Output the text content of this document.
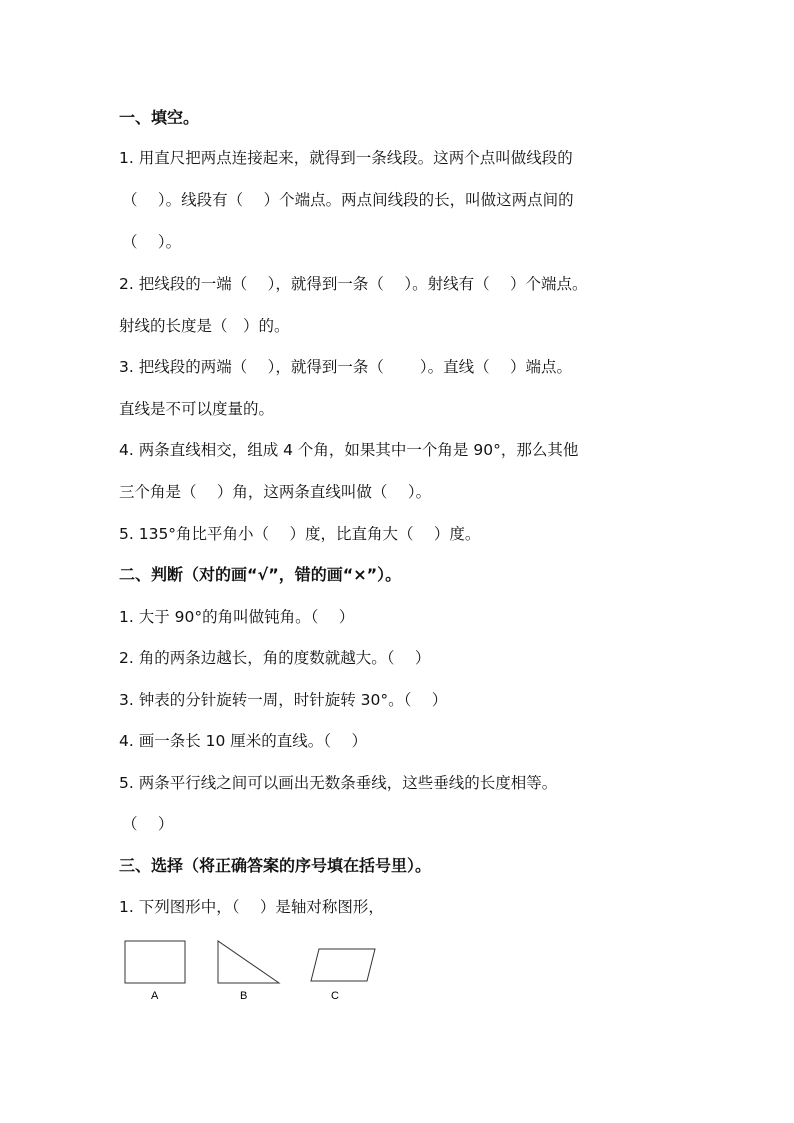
一、填空。
1. 用直尺把两点连接起来，就得到一条线段。这两个点叫做线段的
（　 ）。线段有（　 ）个端点。两点间线段的长，叫做这两点间的
（　 ）。
2. 把线段的一端（　 ），就得到一条（　 ）。射线有（　 ）个端点。
射线的长度是（　）的。
3. 把线段的两端（　 ），就得到一条（　　 ）。直线（　 ）端点。
直线是不可以度量的。
4. 两条直线相交，组成 4 个角，如果其中一个角是 90°，那么其他
三个角是（　 ）角，这两条直线叫做（　 ）。
5. 135°角比平角小（　 ）度，比直角大（　 ）度。
二、判断（对的画“√”，错的画“×”）。
1. 大于 90°的角叫做钝角。（　 ）
2. 角的两条边越长，角的度数就越大。（　 ）
3. 钟表的分针旋转一周，时针旋转 30°。（　 ）
4. 画一条长 10 厘米的直线。（　 ）
5. 两条平行线之间可以画出无数条垂线，这些垂线的长度相等。
（　 ）
三、选择（将正确答案的序号填在括号里）。
1. 下列图形中，（　 ）是轴对称图形，
A	B	C
